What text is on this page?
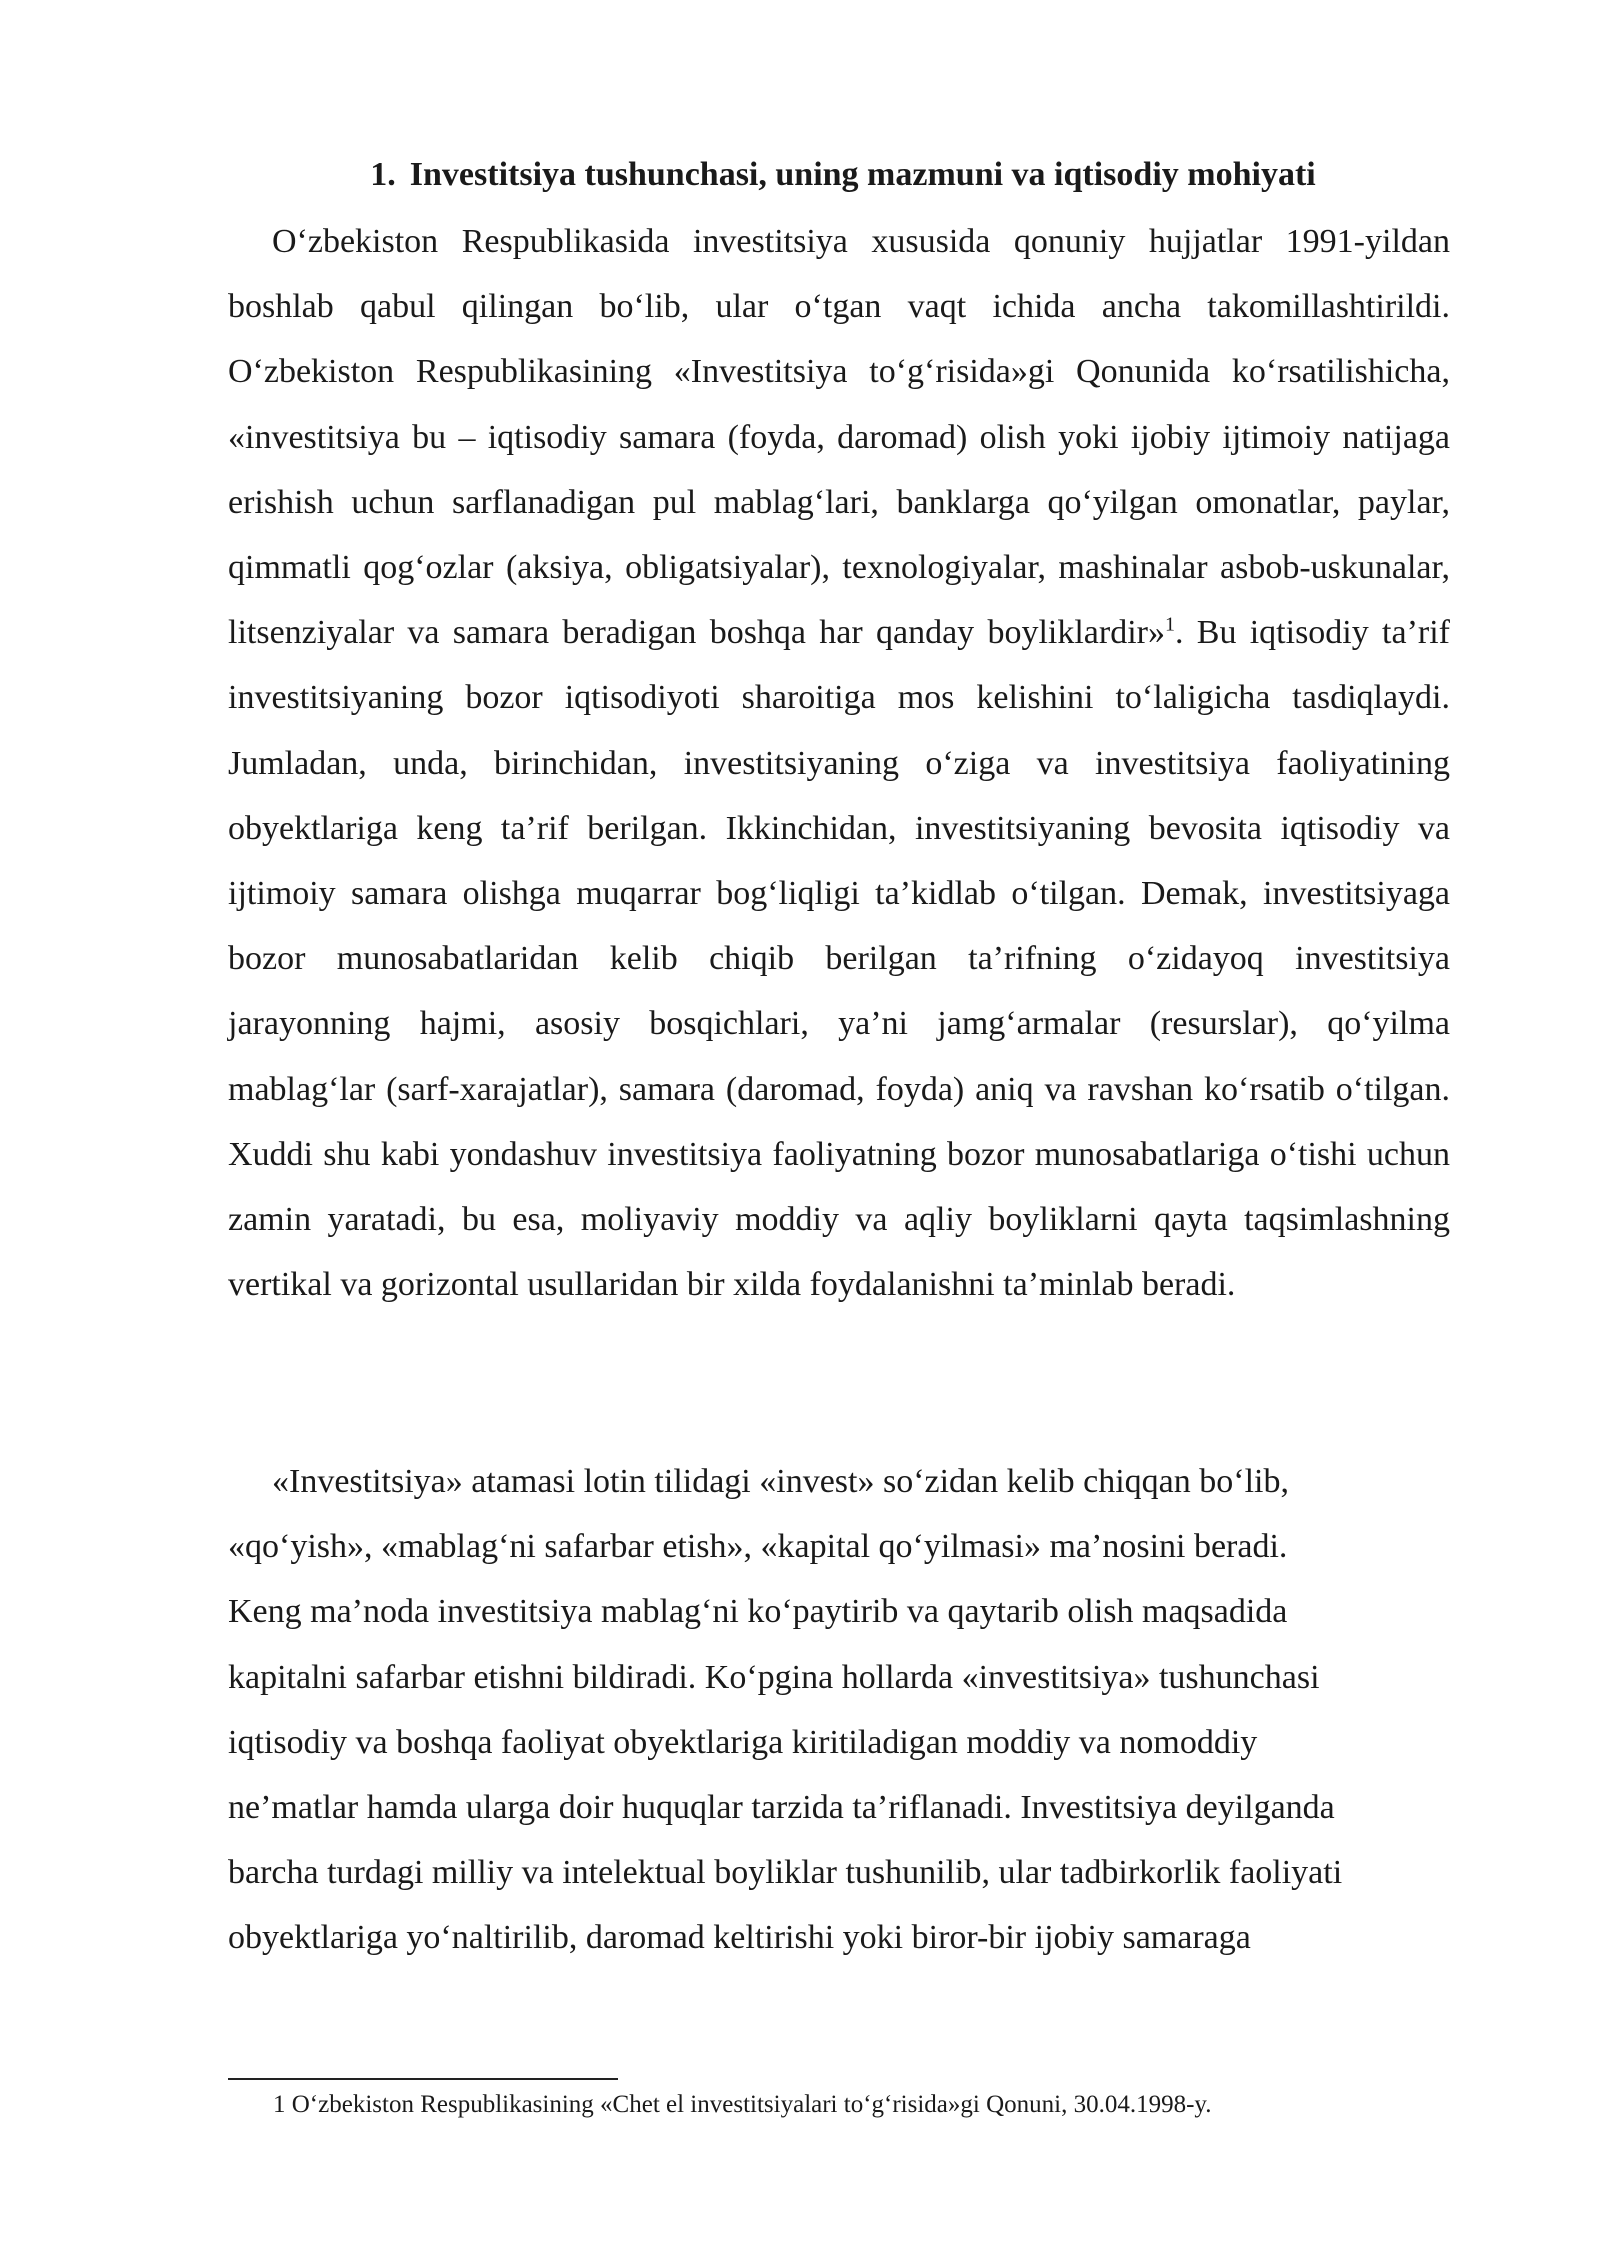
1. Investitsiya tushunchasi, uning mazmuni va iqtisodiy mohiyati

O‘zbekiston Respublikasida investitsiya xususida qonuniy hujjatlar 1991-yildan boshlab qabul qilingan bo‘lib, ular o‘tgan vaqt ichida ancha takomillashtirildi. O‘zbekiston Respublikasining «Investitsiya to‘g‘risida»gi Qonunida ko‘rsatilishicha, «investitsiya bu – iqtisodiy samara (foyda, daromad) olish yoki ijobiy ijtimoiy natijaga erishish uchun sarflanadigan pul mablag‘lari, banklarga qo‘yilgan omonatlar, paylar, qimmatli qog‘ozlar (aksiya, obligatsiyalar), texnologiyalar, mashinalar asbob-uskunalar, litsenziyalar va samara beradigan boshqa har qanday boyliklardir»$^1$. Bu iqtisodiy ta’rif investitsiyaning bozor iqtisodiyoti sharoitiga mos kelishini to‘laligicha tasdiqlaydi. Jumladan, unda, birinchidan, investitsiyaning o‘ziga va investitsiya faoliyatining obyektlariga keng ta’rif berilgan. Ikkinchidan, investitsiyaning bevosita iqtisodiy va ijtimoiy samara olishga muqarrar bog‘liqligi ta’kidlab o‘tilgan. Demak, investitsiyaga bozor munosabatlaridan kelib chiqib berilgan ta’rifning o‘zidayoq investitsiya jarayonning hajmi, asosiy bosqichlari, ya’ni jamg‘armalar (resurslar), qo‘yilma mablag‘lar (sarf-xarajatlar), samara (daromad, foyda) aniq va ravshan ko‘rsatib o‘tilgan. Xuddi shu kabi yondashuv investitsiya faoliyatning bozor munosabatlariga o‘tishi uchun zamin yaratadi, bu esa, moliyaviy moddiy va aqliy boyliklarni qayta taqsimlashning vertikal va gorizontal usullaridan bir xilda foydalanishni ta’minlab beradi.

«Investitsiya» atamasi lotin tilidagi «invest» so‘zidan kelib chiqqan bo‘lib,
«qo‘yish», «mablag‘ni safarbar etish», «kapital qo‘yilmasi» ma’nosini beradi.
Keng ma’noda investitsiya mablag‘ni ko‘paytirib va qaytarib olish maqsadida
kapitalni safarbar etishni bildiradi. Ko‘pgina hollarda «investitsiya» tushunchasi
iqtisodiy va boshqa faoliyat obyektlariga kiritiladigan moddiy va nomoddiy
ne’matlar hamda ularga doir huquqlar tarzida ta’riflanadi. Investitsiya deyilganda
barcha turdagi milliy va intelektual boyliklar tushunilib, ular tadbirkorlik faoliyati
obyektlariga yo‘naltirilib, daromad keltirishi yoki biror-bir ijobiy samaraga
1 O‘zbekiston Respublikasining «Chet el investitsiyalari to‘g‘risida»gi Qonuni, 30.04.1998-y.
